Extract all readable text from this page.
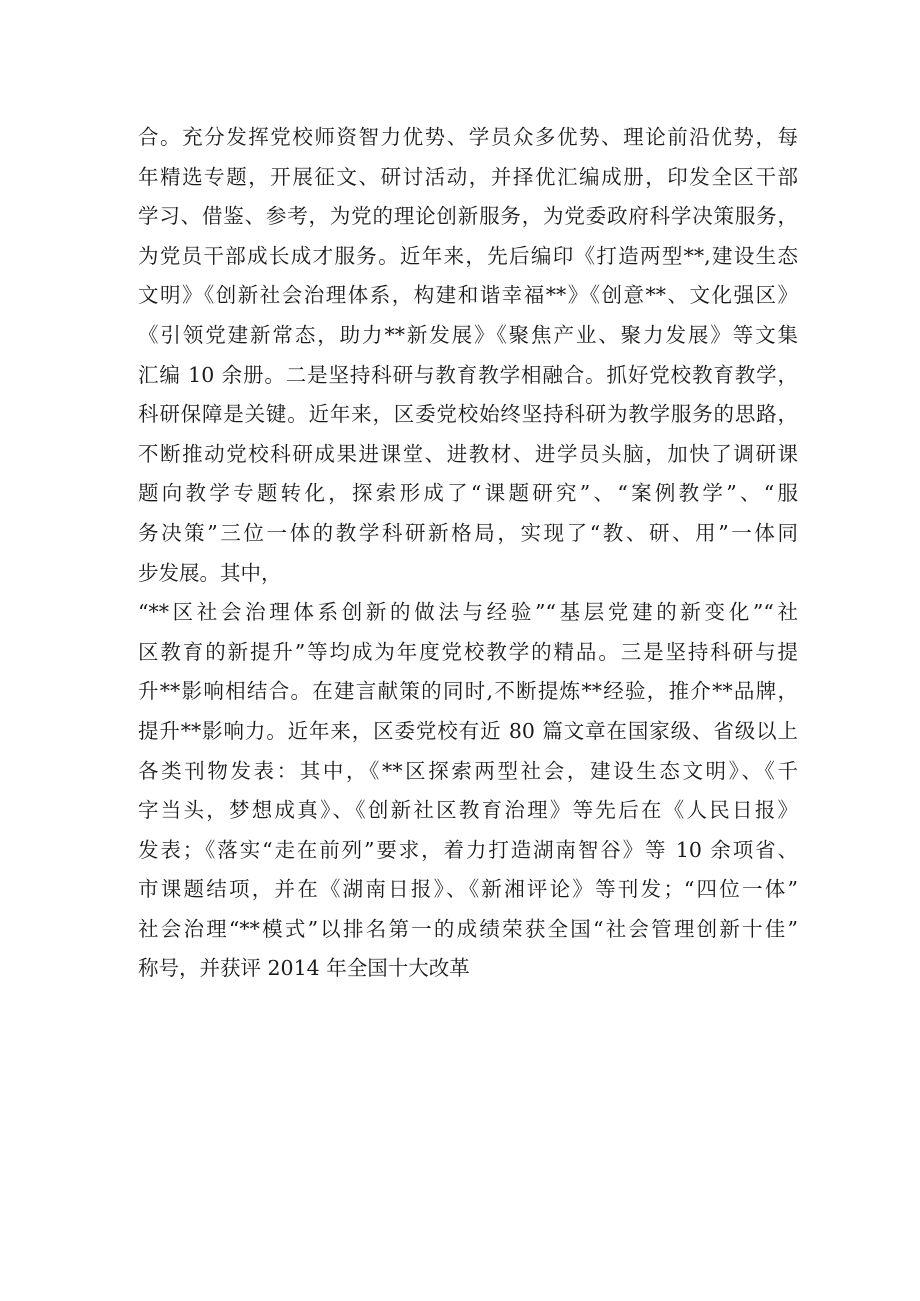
合。充分发挥党校师资智力优势、学员众多优势、理论前沿优势，每
年精选专题，开展征文、研讨活动，并择优汇编成册，印发全区干部
学习、借鉴、参考，为党的理论创新服务，为党委政府科学决策服务，
为党员干部成长成才服务。近年来，先后编印《打造两型**,建设生态
文明》《创新社会治理体系，构建和谐幸福**》《创意**、文化强区》
《引领党建新常态，助力**新发展》《聚焦产业、聚力发展》等文集
汇编 10 余册。二是坚持科研与教育教学相融合。抓好党校教育教学，
科研保障是关键。近年来，区委党校始终坚持科研为教学服务的思路，
不断推动党校科研成果进课堂、进教材、进学员头脑，加快了调研课
题向教学专题转化，探索形成了“课题研究”、“案例教学”、“服
务决策”三位一体的教学科研新格局，实现了“教、研、用”一体同
步发展。其中，
“**区社会治理体系创新的做法与经验”“基层党建的新变化”“社
区教育的新提升”等均成为年度党校教学的精品。三是坚持科研与提
升**影响相结合。在建言献策的同时,不断提炼**经验，推介**品牌，
提升**影响力。近年来，区委党校有近 80 篇文章在国家级、省级以上
各类刊物发表：其中，《**区探索两型社会，建设生态文明》、《千
字当头，梦想成真》、《创新社区教育治理》等先后在《人民日报》
发表；《落实“走在前列”要求，着力打造湖南智谷》等 10 余项省、
市课题结项，并在《湖南日报》、《新湘评论》等刊发；“四位一体”
社会治理“**模式”以排名第一的成绩荣获全国“社会管理创新十佳”
称号，并获评 2014 年全国十大改革
